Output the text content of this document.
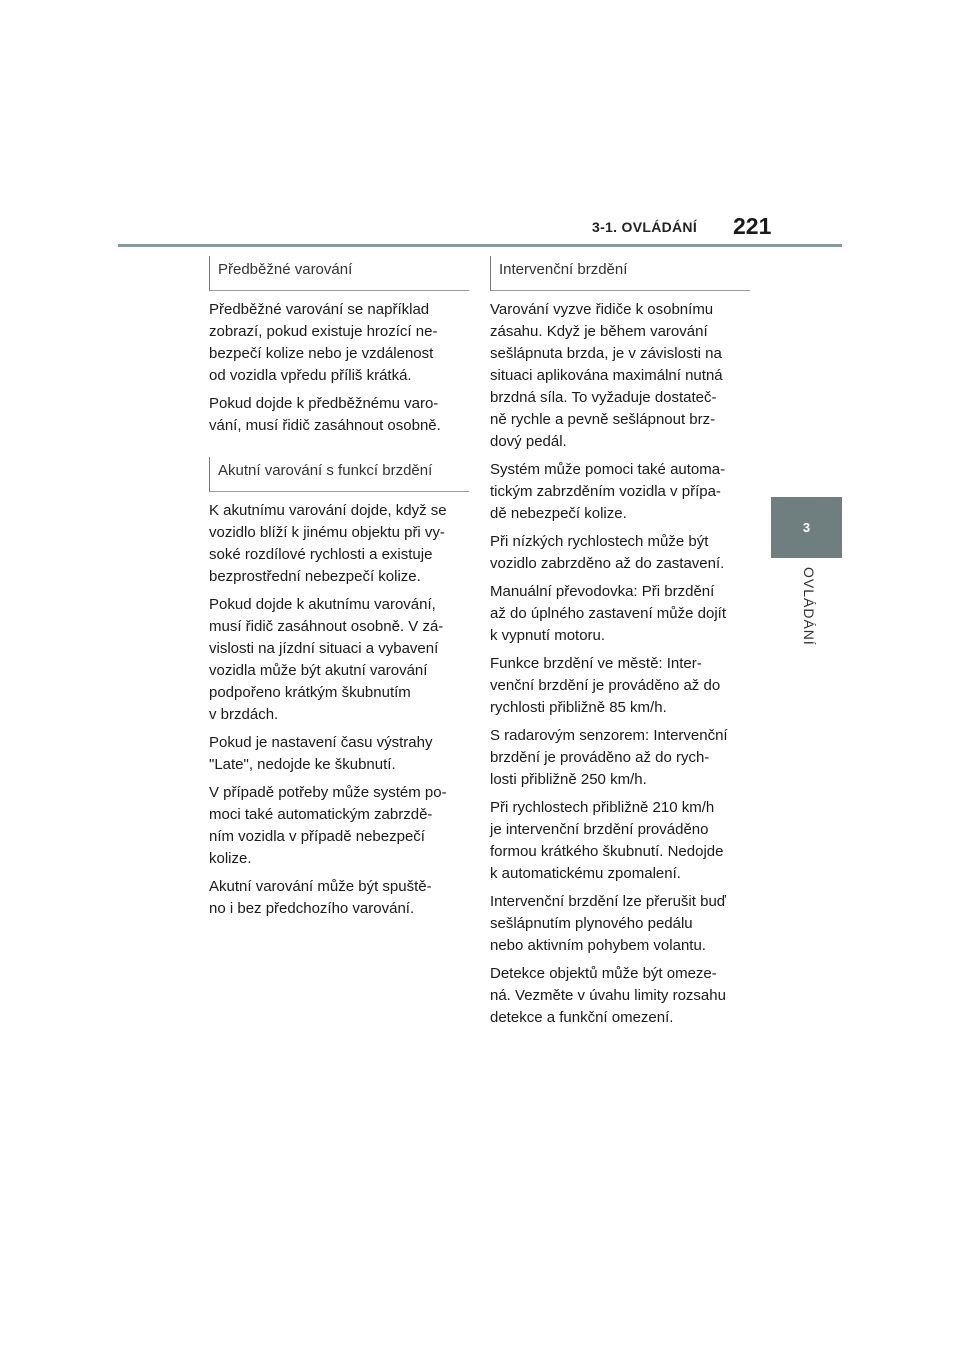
3-1. OVLÁDÁNÍ 221
3
OVLÁDÁNÍ
Předběžné varování

Předběžné varování se například
zobrazí, pokud existuje hrozící ne-
bezpečí kolize nebo je vzdálenost
od vozidla vpředu příliš krátká.

Pokud dojde k předběžnému varo-
vání, musí řidič zasáhnout osobně.

Akutní varování s funkcí brzdění

K akutnímu varování dojde, když se
vozidlo blíží k jinému objektu při vy-
soké rozdílové rychlosti a existuje
bezprostřední nebezpečí kolize.

Pokud dojde k akutnímu varování,
musí řidič zasáhnout osobně. V zá-
vislosti na jízdní situaci a vybavení
vozidla může být akutní varování
podpořeno krátkým škubnutím
v brzdách.

Pokud je nastavení času výstrahy
"Late", nedojde ke škubnutí.

V případě potřeby může systém po-
moci také automatickým zabrzdě-
ním vozidla v případě nebezpečí
kolize.

Akutní varování může být spuště-
no i bez předchozího varování.

Intervenční brzdění

Varování vyzve řidiče k osobnímu
zásahu. Když je během varování
sešlápnuta brzda, je v závislosti na
situaci aplikována maximální nutná
brzdná síla. To vyžaduje dostateč-
ně rychle a pevně sešlápnout brz-
dový pedál.

Systém může pomoci také automa-
tickým zabrzděním vozidla v přípa-
dě nebezpečí kolize.

Při nízkých rychlostech může být
vozidlo zabrzděno až do zastavení.

Manuální převodovka: Při brzdění
až do úplného zastavení může dojít
k vypnutí motoru.

Funkce brzdění ve městě: Inter-
venční brzdění je prováděno až do
rychlosti přibližně 85 km/h.

S radarovým senzorem: Intervenční
brzdění je prováděno až do rych-
losti přibližně 250 km/h.

Při rychlostech přibližně 210 km/h
je intervenční brzdění prováděno
formou krátkého škubnutí. Nedojde
k automatickému zpomalení.

Intervenční brzdění lze přerušit buď
sešlápnutím plynového pedálu
nebo aktivním pohybem volantu.

Detekce objektů může být omeze-
ná. Vezměte v úvahu limity rozsahu
detekce a funkční omezení.
